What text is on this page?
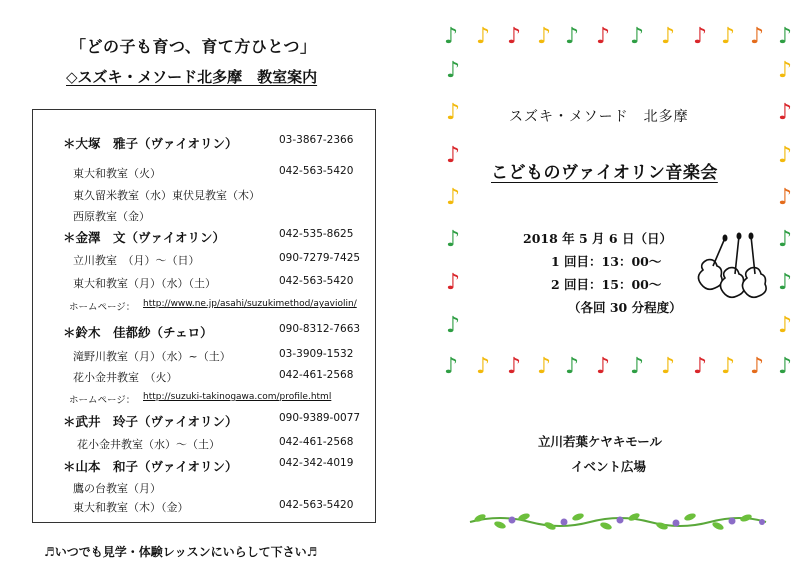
「どの子も育つ、育て方ひとつ」
◇スズキ・メソード北多摩　教室案内
＊大塚　雅子（ヴァイオリン）	03-3867-2366
東大和教室（火）	042-563-5420
東久留米教室（水）東伏見教室（木）
西原教室（金）
＊金澤　文（ヴァイオリン）	042-535-8625
立川教室　（月）～（日）	090-7279-7425
東大和教室（月）（水）（土）	042-563-5420
ホームページ： http://www.ne.jp/asahi/suzukimethod/ayaviolin/
＊鈴木　佳都紗（チェロ）	090-8312-7663
滝野川教室（月）（水）~（土）	03-3909-1532
花小金井教室　（火）	042-461-2568
ホームページ： http://suzuki-takinogawa.com/profile.html
＊武井　玲子（ヴァイオリン）	090-9389-0077
花小金井教室（水）～（土）	042-461-2568
＊山本　和子（ヴァイオリン）	042-342-4019
鷹の台教室（月）
東大和教室（木）（金）	042-563-5420
♬いつでも見学・体験レッスンにいらして下さい♬
♪ ♪ ♪ ♪ ♪ ♪ ♪ ♪ ♪ ♪ ♪ ♪
♪ ♪ ♪ ♪ ♪ ♪ ♪ ♪ ♪ ♪ ♪ ♪
♪
♪
♪
♪
♪
♪
♪
♪
♪
♪
♪
♪
♪
♪
スズキ・メソード　北多摩
こどものヴァイオリン音楽会
2018 年 5 月 6 日（日）
1 回目：13：00～
2 回目：15：00～
（各回 30 分程度）
立川若葉ケヤキモール
イベント広場
